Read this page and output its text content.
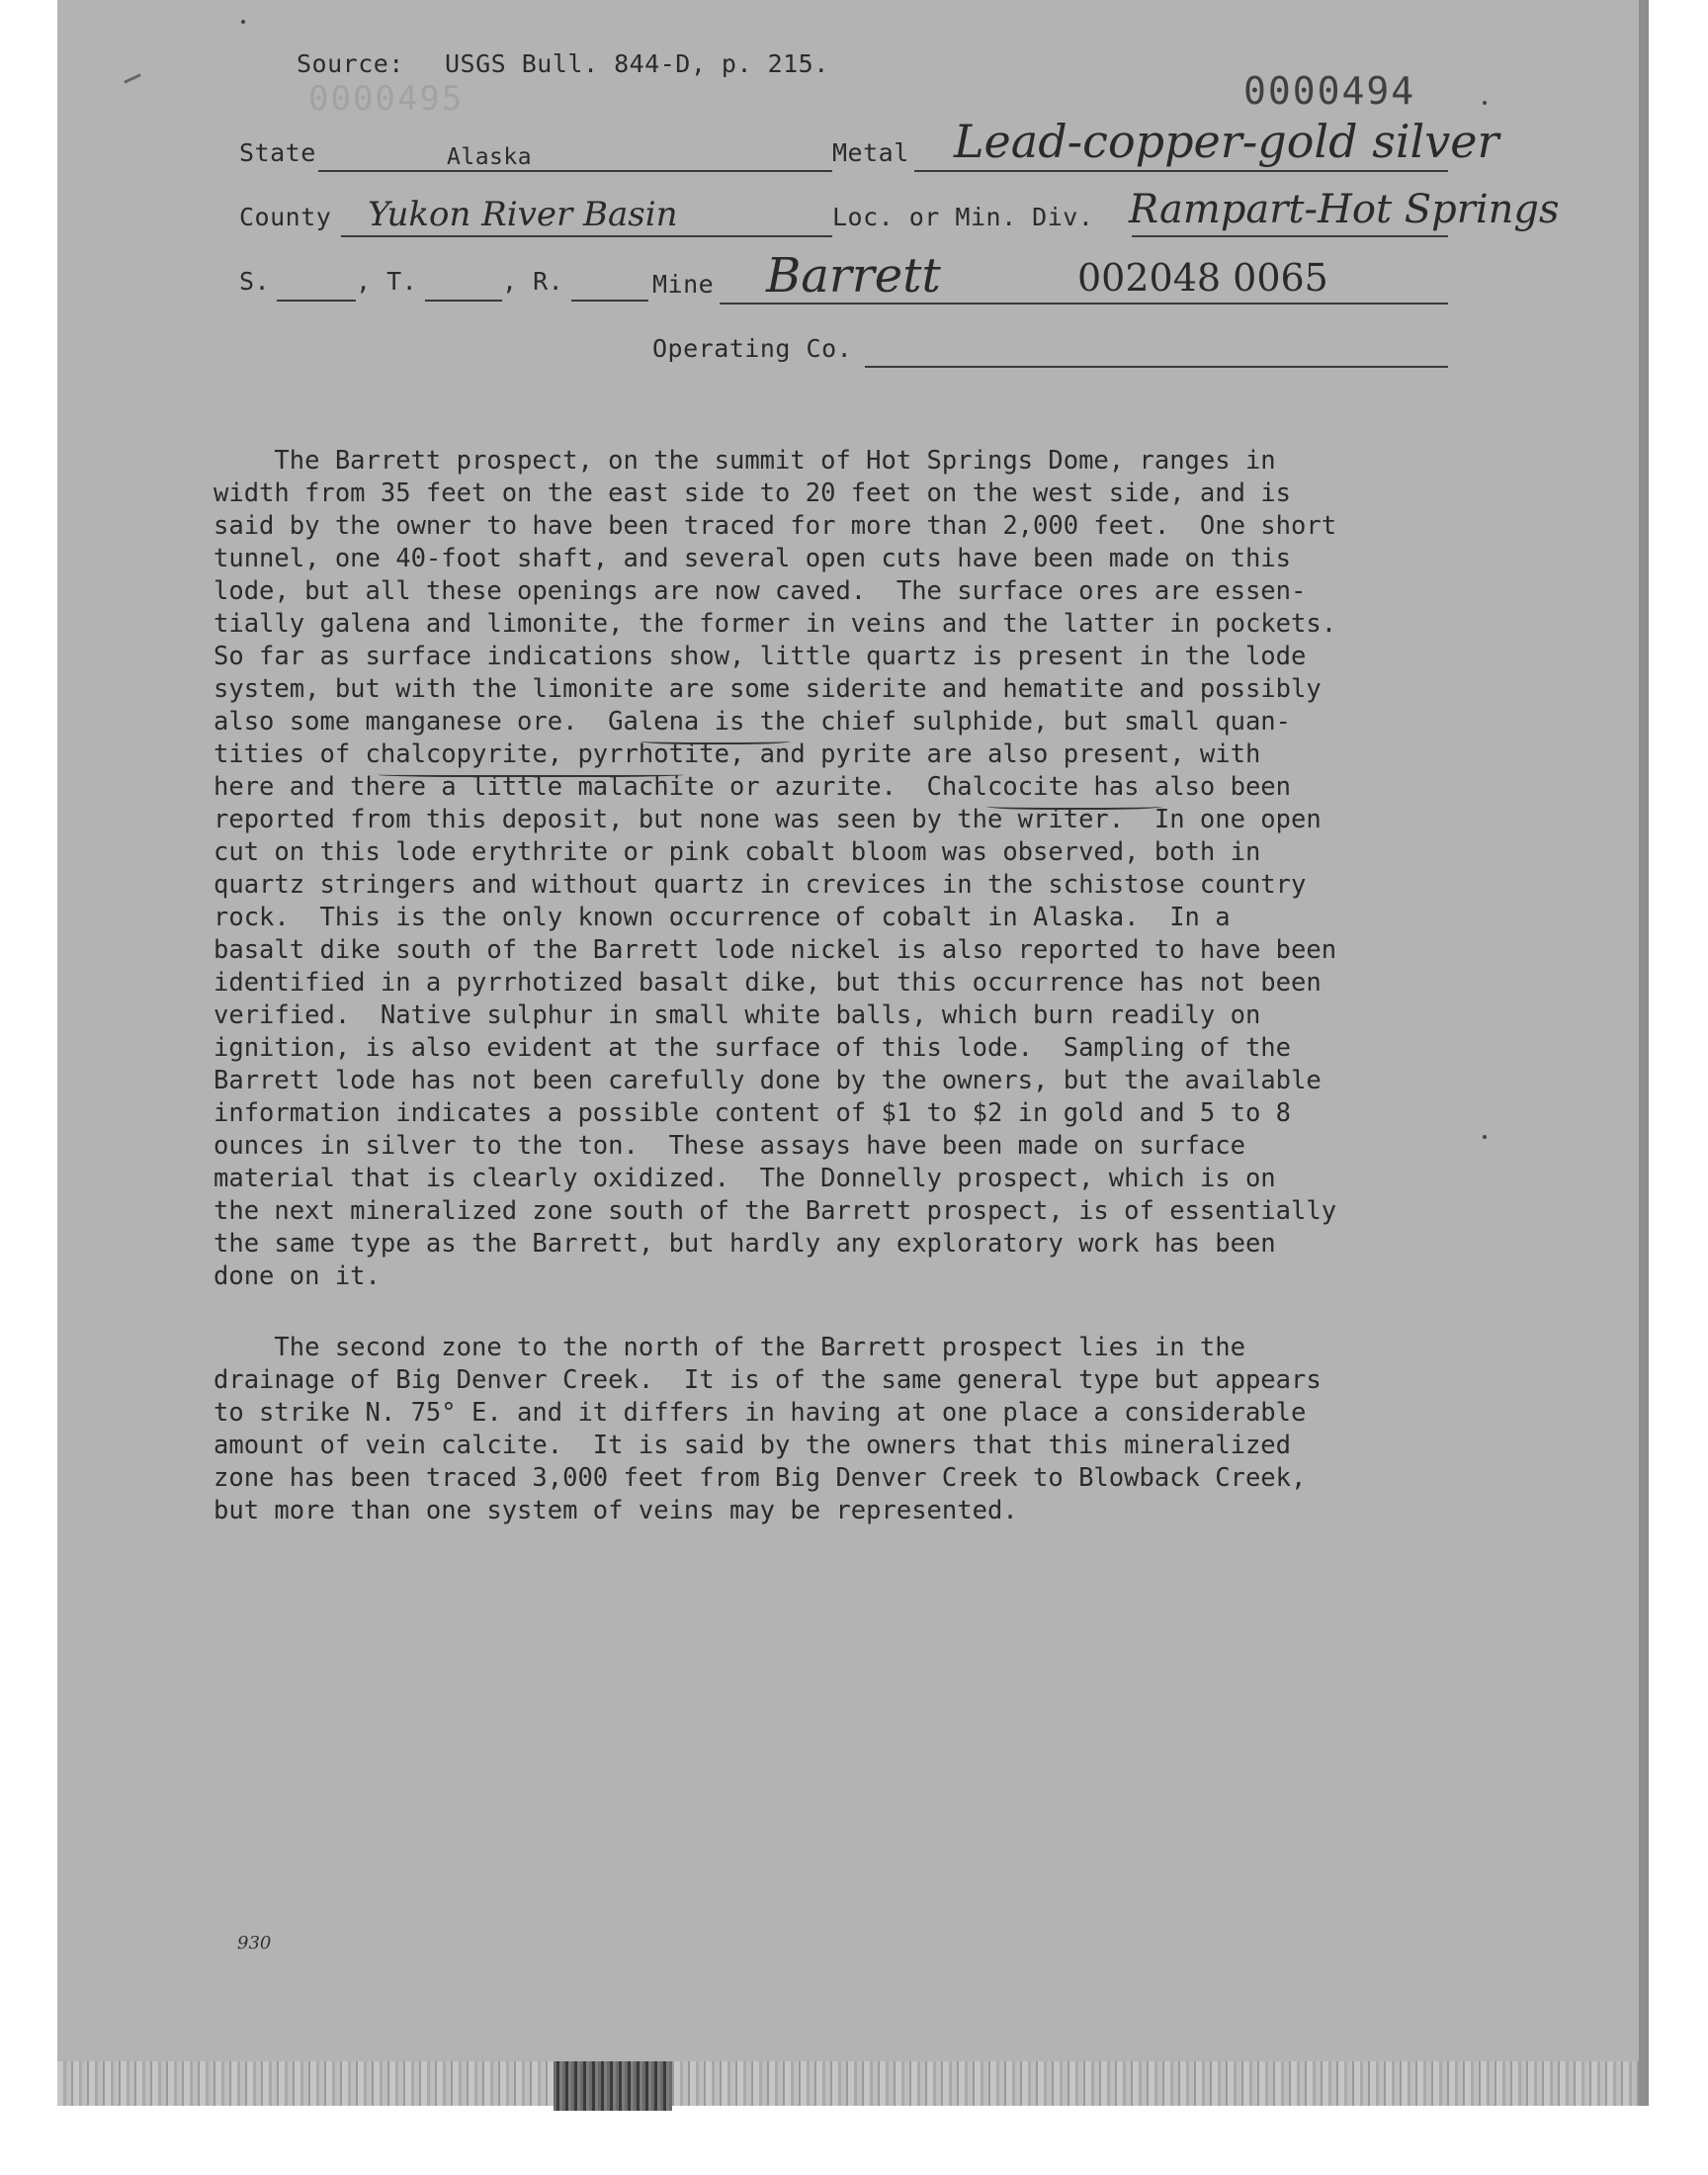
Source: USGS Bull. 844-D, p. 215.
0000495	0000494
State	Alaska	Metal Lead-copper-gold silver
County Yukon River Basin	Loc. or Min. Div. Rampart-Hot Springs
S.	, T.	, R.	Mine Barrett	002048 0065
Operating Co.
The Barrett prospect, on the summit of Hot Springs Dome, ranges in
width from 35 feet on the east side to 20 feet on the west side, and is
said by the owner to have been traced for more than 2,000 feet.  One short
tunnel, one 40-foot shaft, and several open cuts have been made on this
lode, but all these openings are now caved.  The surface ores are essen-
tially galena and limonite, the former in veins and the latter in pockets.
So far as surface indications show, little quartz is present in the lode
system, but with the limonite are some siderite and hematite and possibly
also some manganese ore.  Galena is the chief sulphide, but small quan-
tities of chalcopyrite, pyrrhotite, and pyrite are also present, with
here and there a little malachite or azurite.  Chalcocite has also been
reported from this deposit, but none was seen by the writer.  In one open
cut on this lode erythrite or pink cobalt bloom was observed, both in
quartz stringers and without quartz in crevices in the schistose country
rock.  This is the only known occurrence of cobalt in Alaska.  In a
basalt dike south of the Barrett lode nickel is also reported to have been
identified in a pyrrhotized basalt dike, but this occurrence has not been
verified.  Native sulphur in small white balls, which burn readily on
ignition, is also evident at the surface of this lode.  Sampling of the
Barrett lode has not been carefully done by the owners, but the available
information indicates a possible content of $1 to $2 in gold and 5 to 8
ounces in silver to the ton.  These assays have been made on surface
material that is clearly oxidized.  The Donnelly prospect, which is on
the next mineralized zone south of the Barrett prospect, is of essentially
the same type as the Barrett, but hardly any exploratory work has been
done on it.
The second zone to the north of the Barrett prospect lies in the
drainage of Big Denver Creek.  It is of the same general type but appears
to strike N. 75° E. and it differs in having at one place a considerable
amount of vein calcite.  It is said by the owners that this mineralized
zone has been traced 3,000 feet from Big Denver Creek to Blowback Creek,
but more than one system of veins may be represented.
930
